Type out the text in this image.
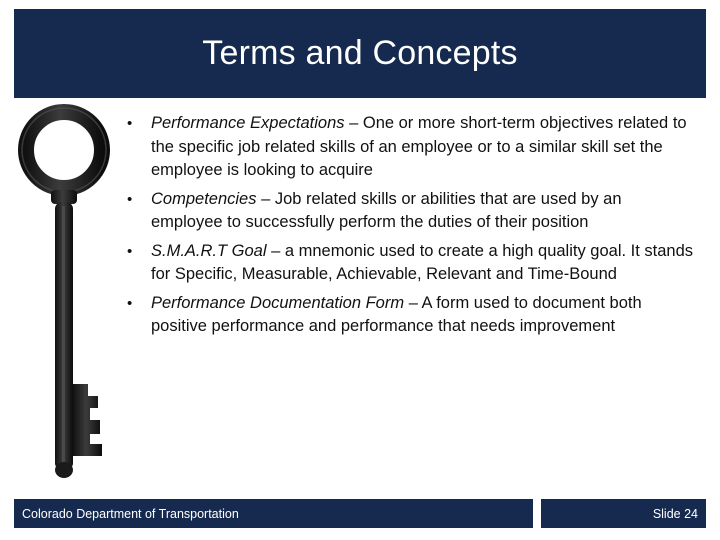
Terms and Concepts
• Performance Expectations – One or more short-term objectives related to the specific job related skills of an employee or to a similar skill set the employee is looking to acquire
• Competencies – Job related skills or abilities that are used by an employee to successfully perform the duties of their position
• S.M.A.R.T Goal – a mnemonic used to create a high quality goal. It stands for Specific, Measurable, Achievable, Relevant and Time-Bound
• Performance Documentation Form – A form used to document both positive performance and performance that needs improvement
Colorado Department of Transportation	Slide 24
